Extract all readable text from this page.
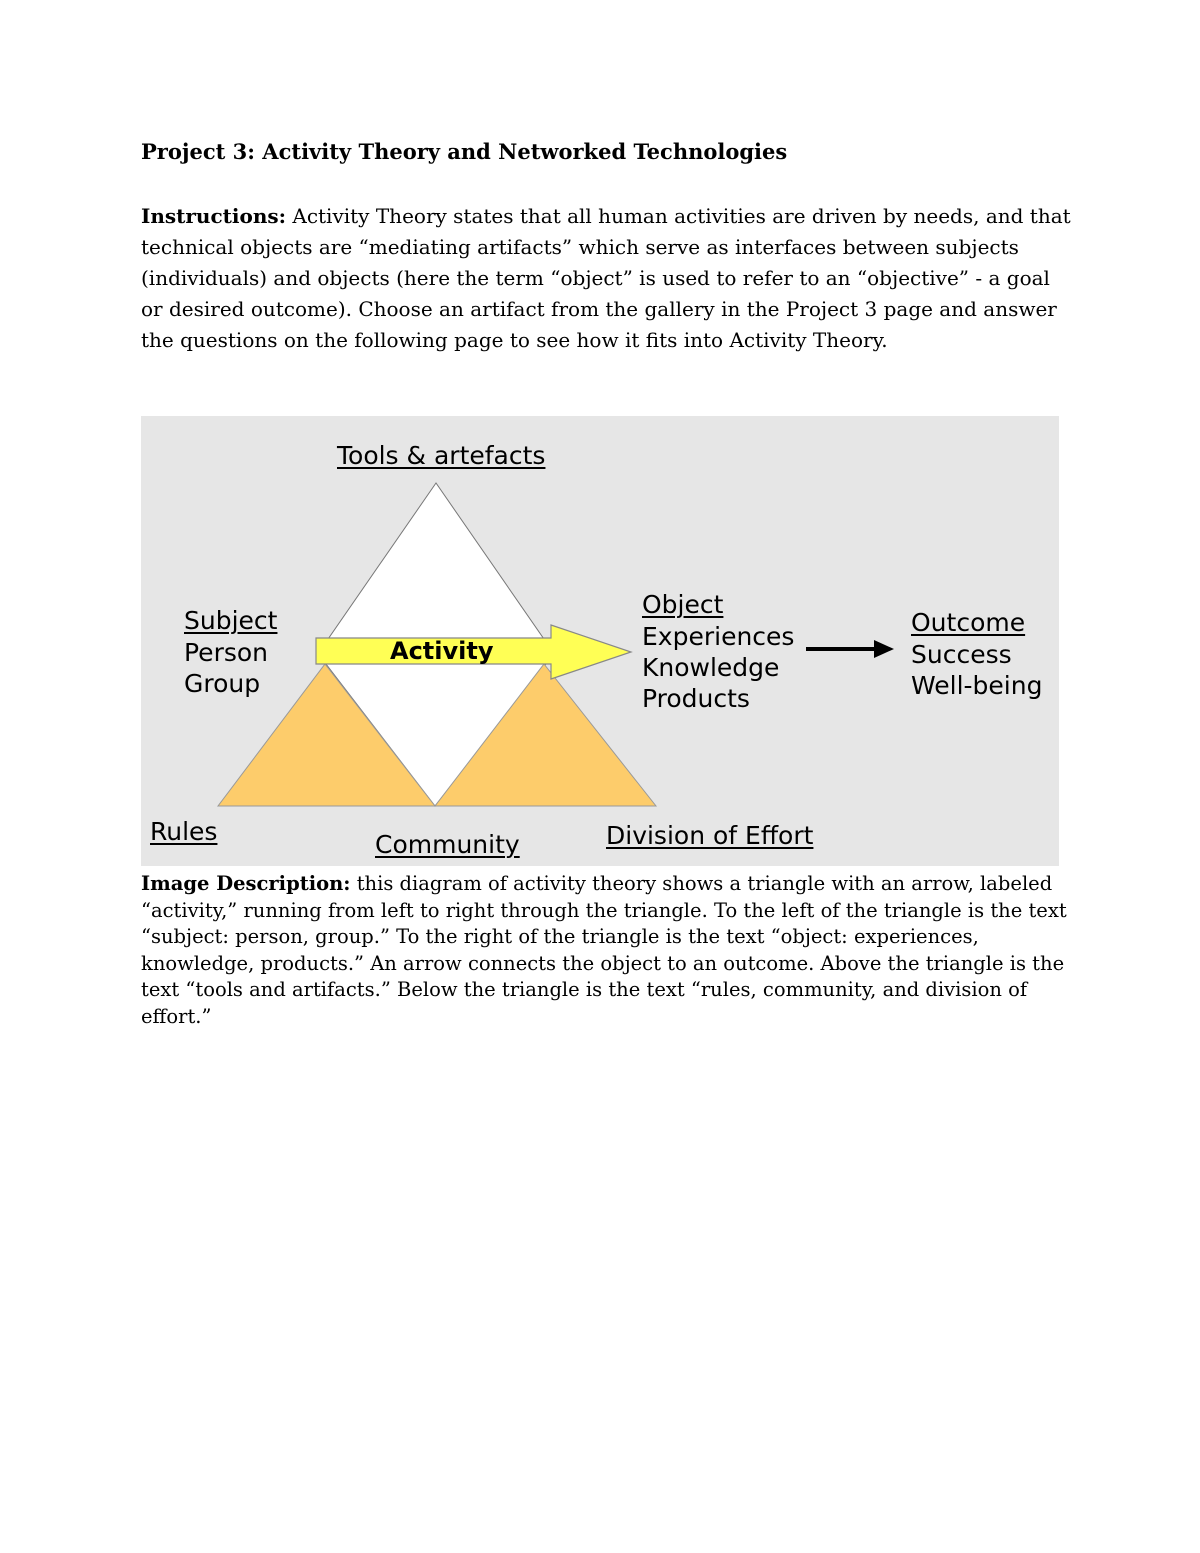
Project 3: Activity Theory and Networked Technologies
Instructions: Activity Theory states that all human activities are driven by needs, and that technical objects are “mediating artifacts” which serve as interfaces between subjects (individuals) and objects (here the term “object” is used to refer to an “objective” - a goal or desired outcome). Choose an artifact from the gallery in the Project 3 page and answer the questions on the following page to see how it fits into Activity Theory.
Tools & artefacts
Subject
Person
Group
Activity
Object
Experiences
Knowledge
Products
Outcome
Success
Well-being
Rules	Community	Division of Effort
Image Description: this diagram of activity theory shows a triangle with an arrow, labeled “activity,” running from left to right through the triangle. To the left of the triangle is the text “subject: person, group.” To the right of the triangle is the text “object: experiences, knowledge, products.” An arrow connects the object to an outcome. Above the triangle is the text “tools and artifacts.” Below the triangle is the text “rules, community, and division of effort.”
